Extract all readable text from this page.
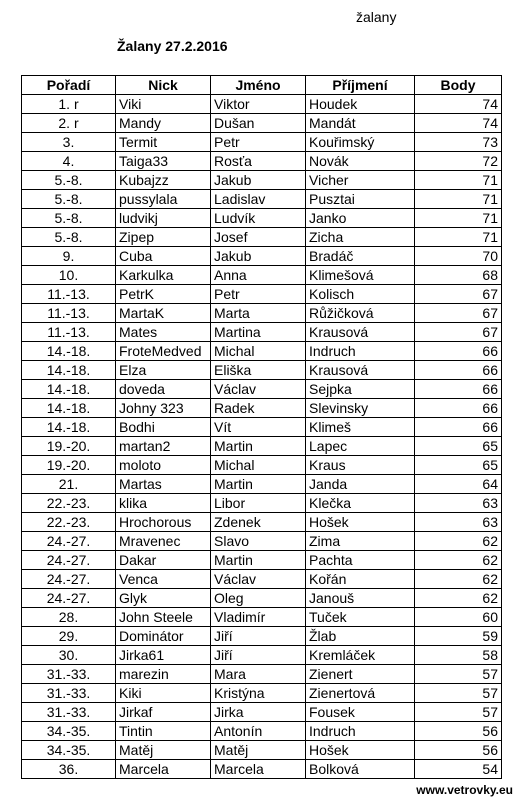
žalany
Žalany 27.2.2016
Pořadí	Nick	Jméno	Příjmení	Body
1. r	Viki	Viktor	Houdek	74
2. r	Mandy	Dušan	Mandát	74
3.	Termit	Petr	Kouřimský	73
4.	Taiga33	Rosťa	Novák	72
5.-8.	Kubajzz	Jakub	Vicher	71
5.-8.	pussylala	Ladislav	Pusztai	71
5.-8.	ludvikj	Ludvík	Janko	71
5.-8.	Zipep	Josef	Zicha	71
9.	Cuba	Jakub	Bradáč	70
10.	Karkulka	Anna	Klimešová	68
11.-13.	PetrK	Petr	Kolisch	67
11.-13.	MartaK	Marta	Růžičková	67
11.-13.	Mates	Martina	Krausová	67
14.-18.	FroteMedved	Michal	Indruch	66
14.-18.	Elza	Eliška	Krausová	66
14.-18.	doveda	Václav	Sejpka	66
14.-18.	Johny 323	Radek	Slevinsky	66
14.-18.	Bodhi	Vít	Klimeš	66
19.-20.	martan2	Martin	Lapec	65
19.-20.	moloto	Michal	Kraus	65
21.	Martas	Martin	Janda	64
22.-23.	klika	Libor	Klečka	63
22.-23.	Hrochorous	Zdenek	Hošek	63
24.-27.	Mravenec	Slavo	Zima	62
24.-27.	Dakar	Martin	Pachta	62
24.-27.	Venca	Václav	Kořán	62
24.-27.	Glyk	Oleg	Janouš	62
28.	John Steele	Vladimír	Tuček	60
29.	Dominátor	Jiří	Žlab	59
30.	Jirka61	Jiří	Kremláček	58
31.-33.	marezin	Mara	Zienert	57
31.-33.	Kiki	Kristýna	Zienertová	57
31.-33.	Jirkaf	Jirka	Fousek	57
34.-35.	Tintin	Antonín	Indruch	56
34.-35.	Matěj	Matěj	Hošek	56
36.	Marcela	Marcela	Bolková	54
www.vetrovky.eu
